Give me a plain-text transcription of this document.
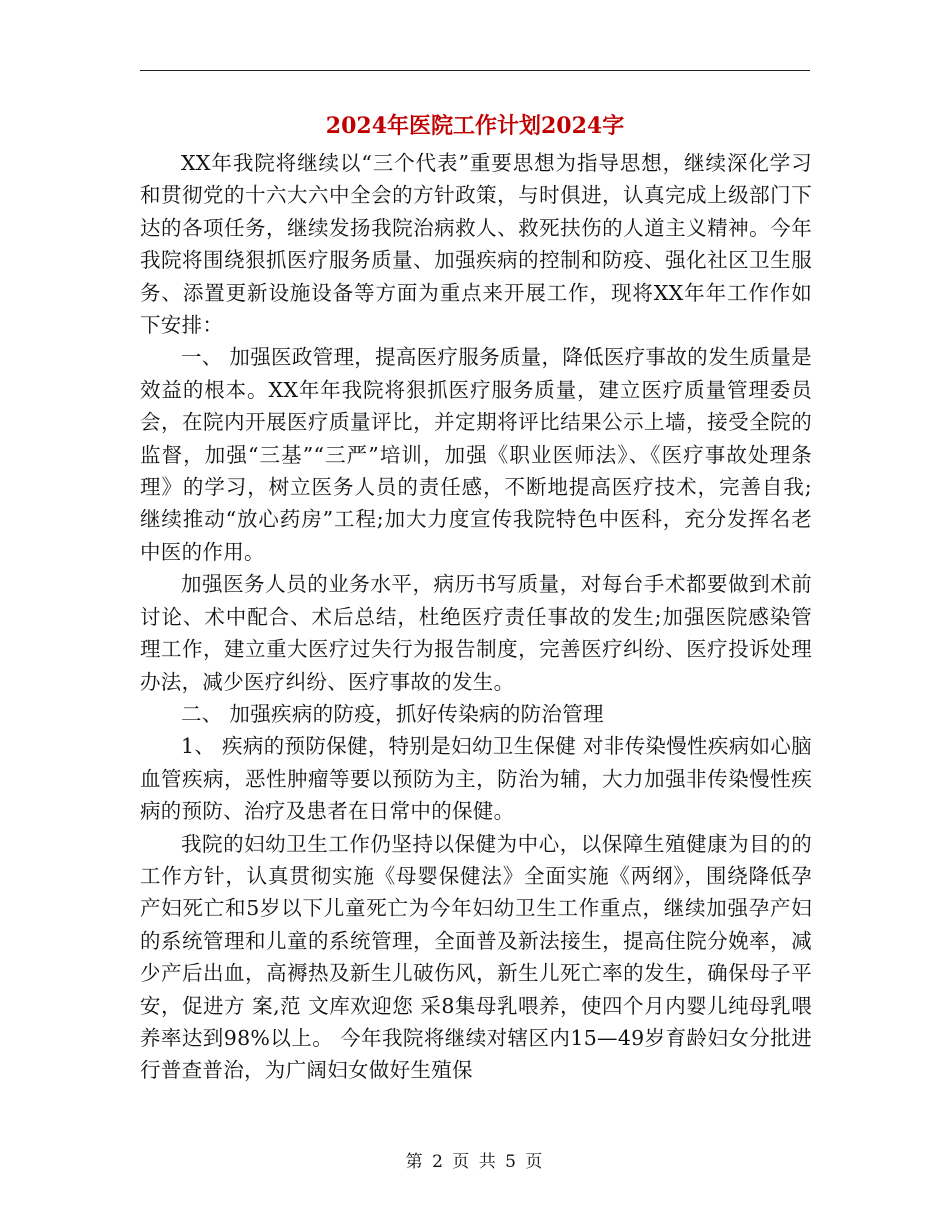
2024年医院工作计划2024字

XX年我院将继续以“三个代表”重要思想为指导思想，继续深化学习和贯彻党的十六大六中全会的方针政策，与时俱进，认真完成上级部门下达的各项任务，继续发扬我院治病救人、救死扶伤的人道主义精神。今年我院将围绕狠抓医疗服务质量、加强疾病的控制和防疫、强化社区卫生服务、添置更新设施设备等方面为重点来开展工作，现将XX年年工作作如下安排：

一、 加强医政管理，提高医疗服务质量，降低医疗事故的发生质量是效益的根本。XX年年我院将狠抓医疗服务质量，建立医疗质量管理委员会，在院内开展医疗质量评比，并定期将评比结果公示上墙，接受全院的监督，加强“三基”“三严”培训，加强《职业医师法》、《医疗事故处理条理》的学习，树立医务人员的责任感，不断地提高医疗技术，完善自我;继续推动“放心药房”工程;加大力度宣传我院特色中医科，充分发挥名老中医的作用。

加强医务人员的业务水平，病历书写质量，对每台手术都要做到术前讨论、术中配合、术后总结，杜绝医疗责任事故的发生;加强医院感染管理工作，建立重大医疗过失行为报告制度，完善医疗纠纷、医疗投诉处理办法，减少医疗纠纷、医疗事故的发生。

二、 加强疾病的防疫，抓好传染病的防治管理

1、 疾病的预防保健，特别是妇幼卫生保健 对非传染慢性疾病如心脑血管疾病，恶性肿瘤等要以预防为主，防治为辅，大力加强非传染慢性疾病的预防、治疗及患者在日常中的保健。

我院的妇幼卫生工作仍坚持以保健为中心，以保障生殖健康为目的的工作方针，认真贯彻实施《母婴保健法》全面实施《两纲》，围绕降低孕产妇死亡和5岁以下儿童死亡为今年妇幼卫生工作重点，继续加强孕产妇的系统管理和儿童的系统管理，全面普及新法接生，提高住院分娩率，减少产后出血，高褥热及新生儿破伤风，新生儿死亡率的发生，确保母子平安，促进方 案,范 文库欢迎您 采8集母乳喂养，使四个月内婴儿纯母乳喂养率达到98%以上。 今年我院将继续对辖区内15—49岁育龄妇女分批进行普查普治，为广阔妇女做好生殖保

第 2 页 共 5 页
